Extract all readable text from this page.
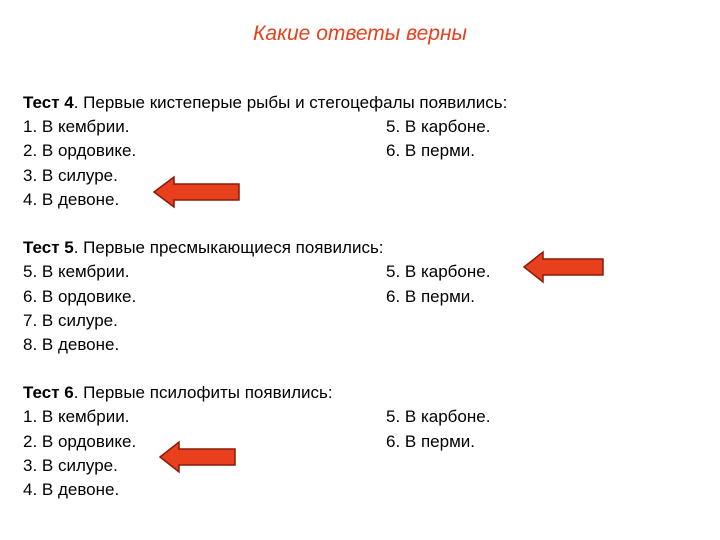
Какие ответы верны
Тест 4. Первые кистеперые рыбы и стегоцефалы появились:
1. В кембрии.	5. В карбоне.
2. В ордовике.	6. В перми.
3. В силуре.
4. В девоне.
Тест 5. Первые пресмыкающиеся появились:
5. В кембрии.	5. В карбоне.
6. В ордовике.	6. В перми.
7. В силуре.
8. В девоне.
Тест 6. Первые псилофиты появились:
1. В кембрии.	5. В карбоне.
2. В ордовике.	6. В перми.
3. В силуре.
4. В девоне.
